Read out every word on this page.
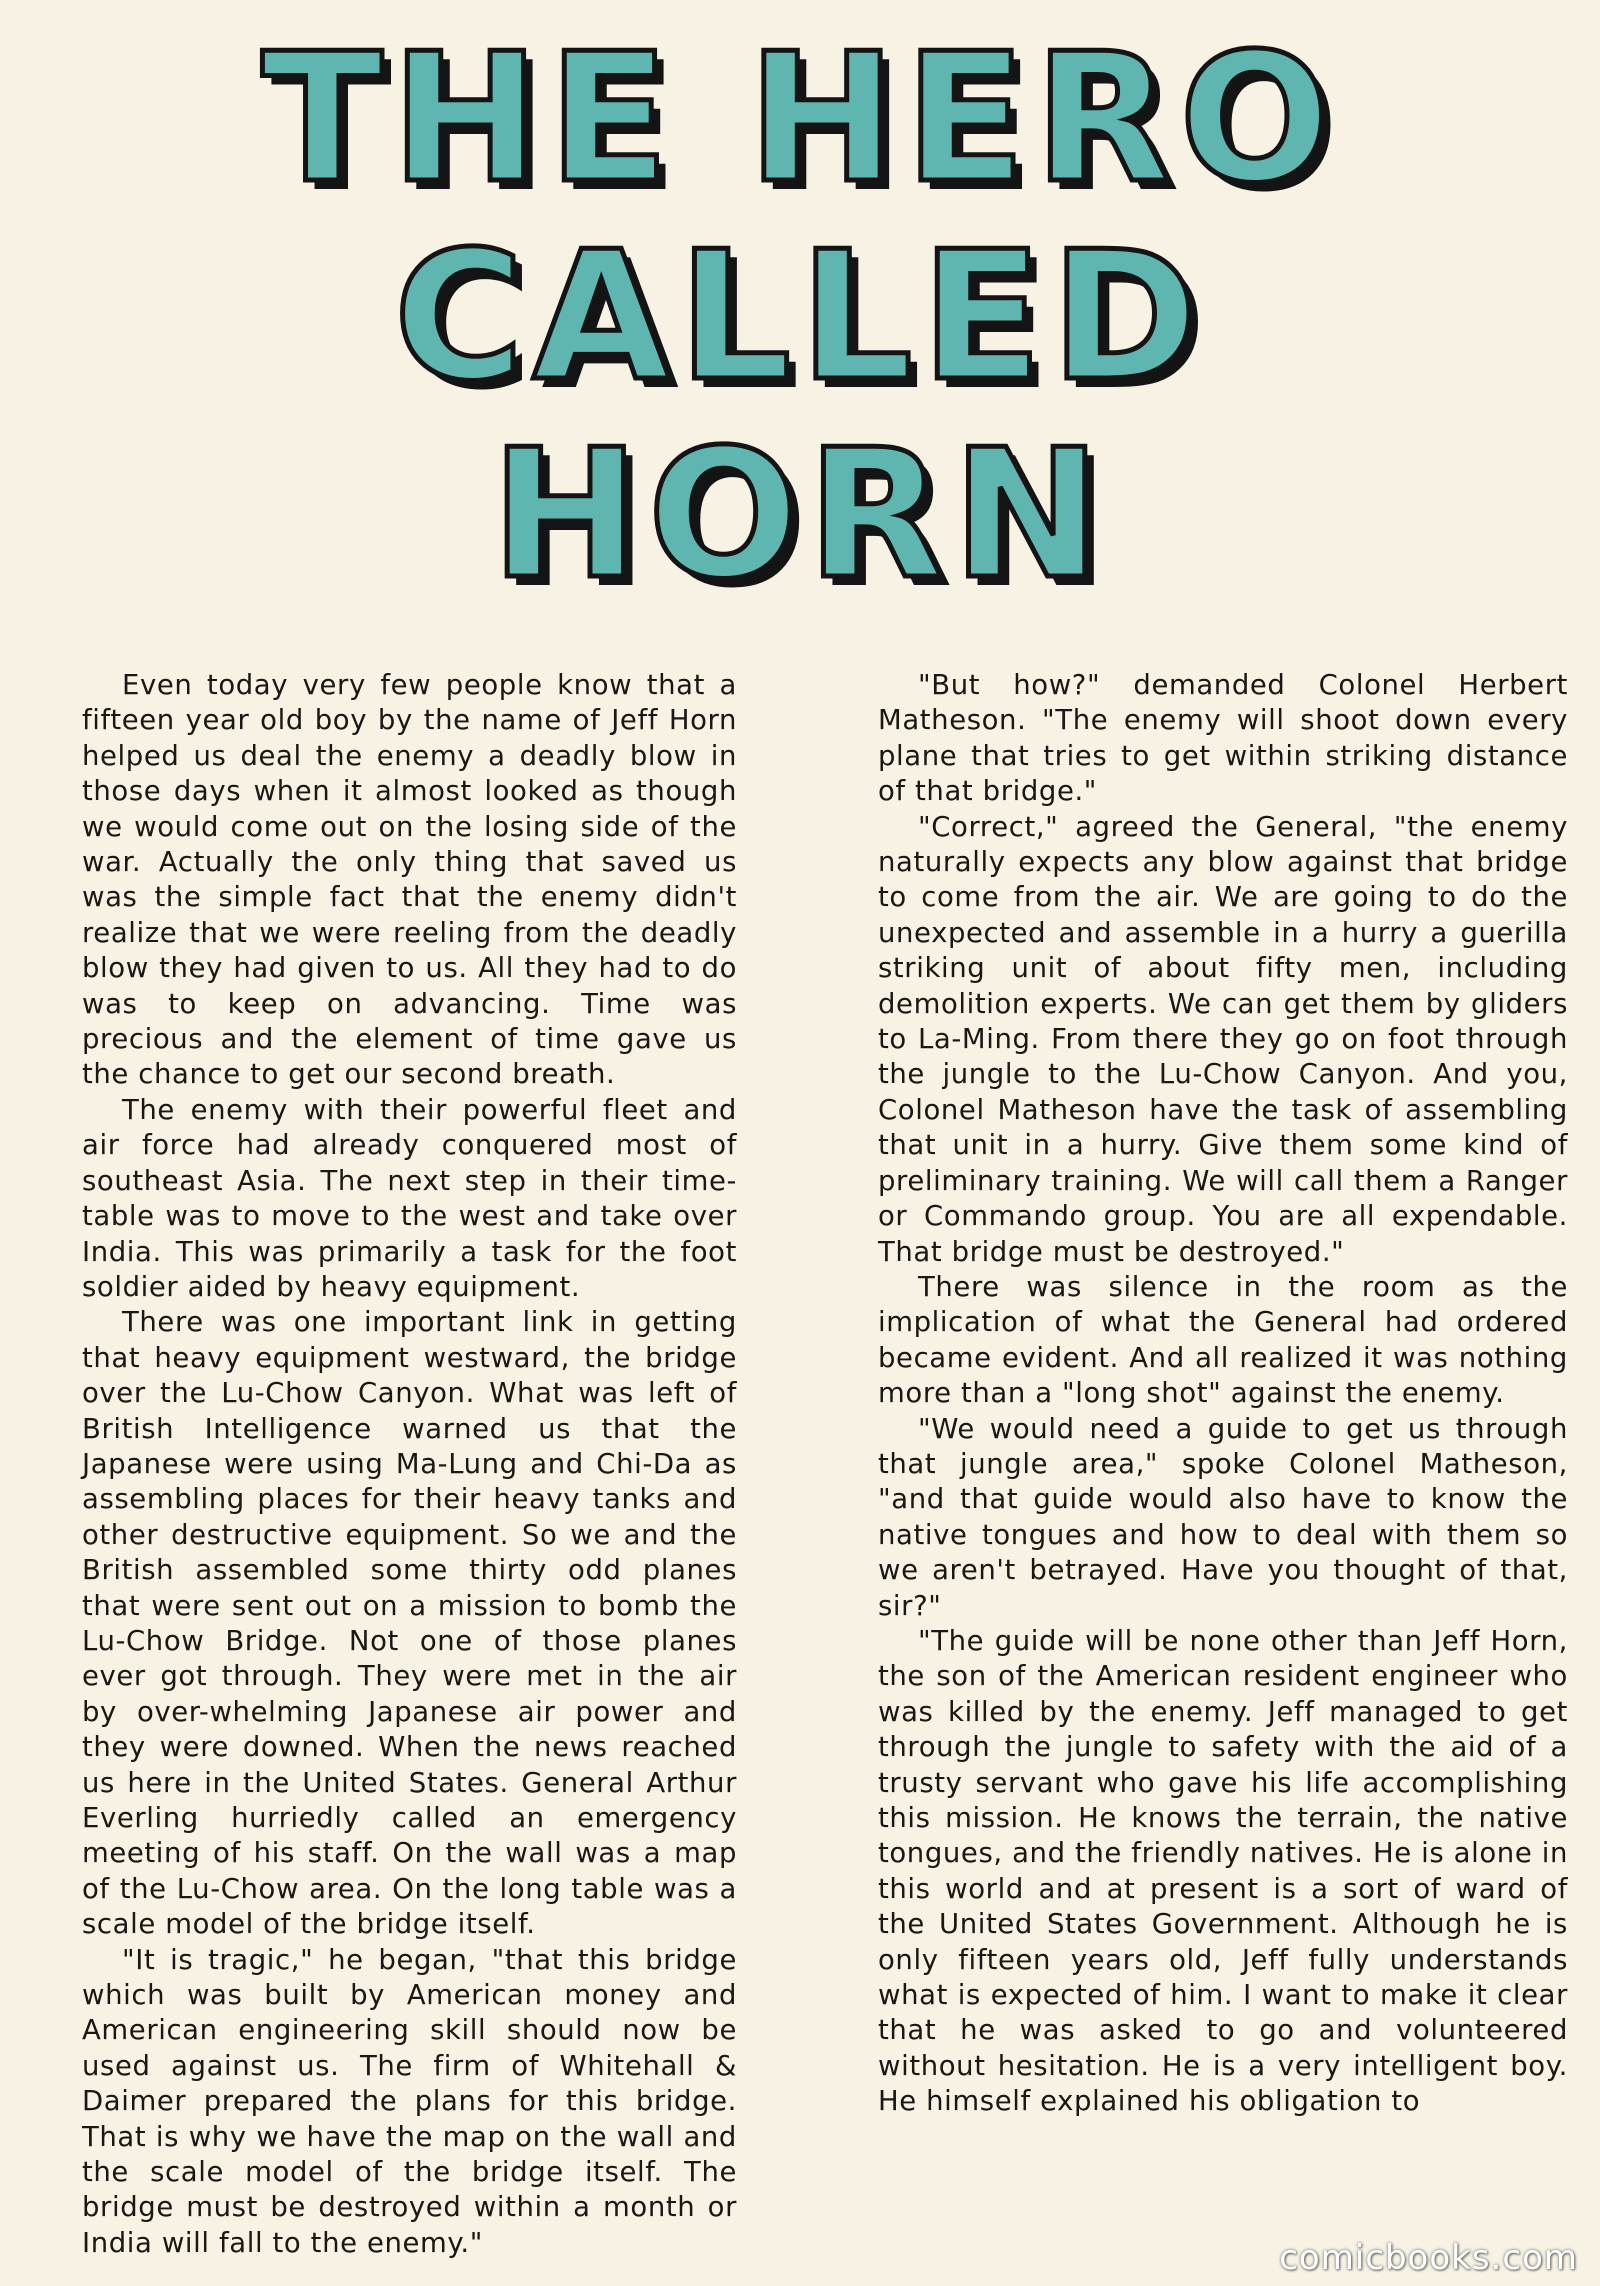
THE HERO
CALLED
HORN

Even today very few people know that a fifteen year old boy by the name of Jeff Horn helped us deal the enemy a deadly blow in those days when it almost looked as though we would come out on the losing side of the war. Actually the only thing that saved us was the simple fact that the enemy didn't realize that we were reeling from the deadly blow they had given to us. All they had to do was to keep on advancing. Time was precious and the element of time gave us the chance to get our second breath.

The enemy with their powerful fleet and air force had already conquered most of southeast Asia. The next step in their time-table was to move to the west and take over India. This was primarily a task for the foot soldier aided by heavy equipment.

There was one important link in getting that heavy equipment westward, the bridge over the Lu-Chow Canyon. What was left of British Intelligence warned us that the Japanese were using Ma-Lung and Chi-Da as assembling places for their heavy tanks and other destructive equipment. So we and the British assembled some thirty odd planes that were sent out on a mission to bomb the Lu-Chow Bridge. Not one of those planes ever got through. They were met in the air by over-whelming Japanese air power and they were downed. When the news reached us here in the United States. General Arthur Everling hurriedly called an emergency meeting of his staff. On the wall was a map of the Lu-Chow area. On the long table was a scale model of the bridge itself.

"It is tragic," he began, "that this bridge which was built by American money and American engineering skill should now be used against us. The firm of Whitehall & Daimer prepared the plans for this bridge. That is why we have the map on the wall and the scale model of the bridge itself. The bridge must be destroyed within a month or India will fall to the enemy."

"But how?" demanded Colonel Herbert Matheson. "The enemy will shoot down every plane that tries to get within striking distance of that bridge."

"Correct," agreed the General, "the enemy naturally expects any blow against that bridge to come from the air. We are going to do the unexpected and assemble in a hurry a guerilla striking unit of about fifty men, including demolition experts. We can get them by gliders to La-Ming. From there they go on foot through the jungle to the Lu-Chow Canyon. And you, Colonel Matheson have the task of assembling that unit in a hurry. Give them some kind of preliminary training. We will call them a Ranger or Commando group. You are all expendable. That bridge must be destroyed."

There was silence in the room as the implication of what the General had ordered became evident. And all realized it was nothing more than a "long shot" against the enemy.

"We would need a guide to get us through that jungle area," spoke Colonel Matheson, "and that guide would also have to know the native tongues and how to deal with them so we aren't betrayed. Have you thought of that, sir?"

"The guide will be none other than Jeff Horn, the son of the American resident engineer who was killed by the enemy. Jeff managed to get through the jungle to safety with the aid of a trusty servant who gave his life accomplishing this mission. He knows the terrain, the native tongues, and the friendly natives. He is alone in this world and at present is a sort of ward of the United States Government. Although he is only fifteen years old, Jeff fully understands what is expected of him. I want to make it clear that he was asked to go and volunteered without hesitation. He is a very intelligent boy. He himself explained his obligation to

comicbooks.com
